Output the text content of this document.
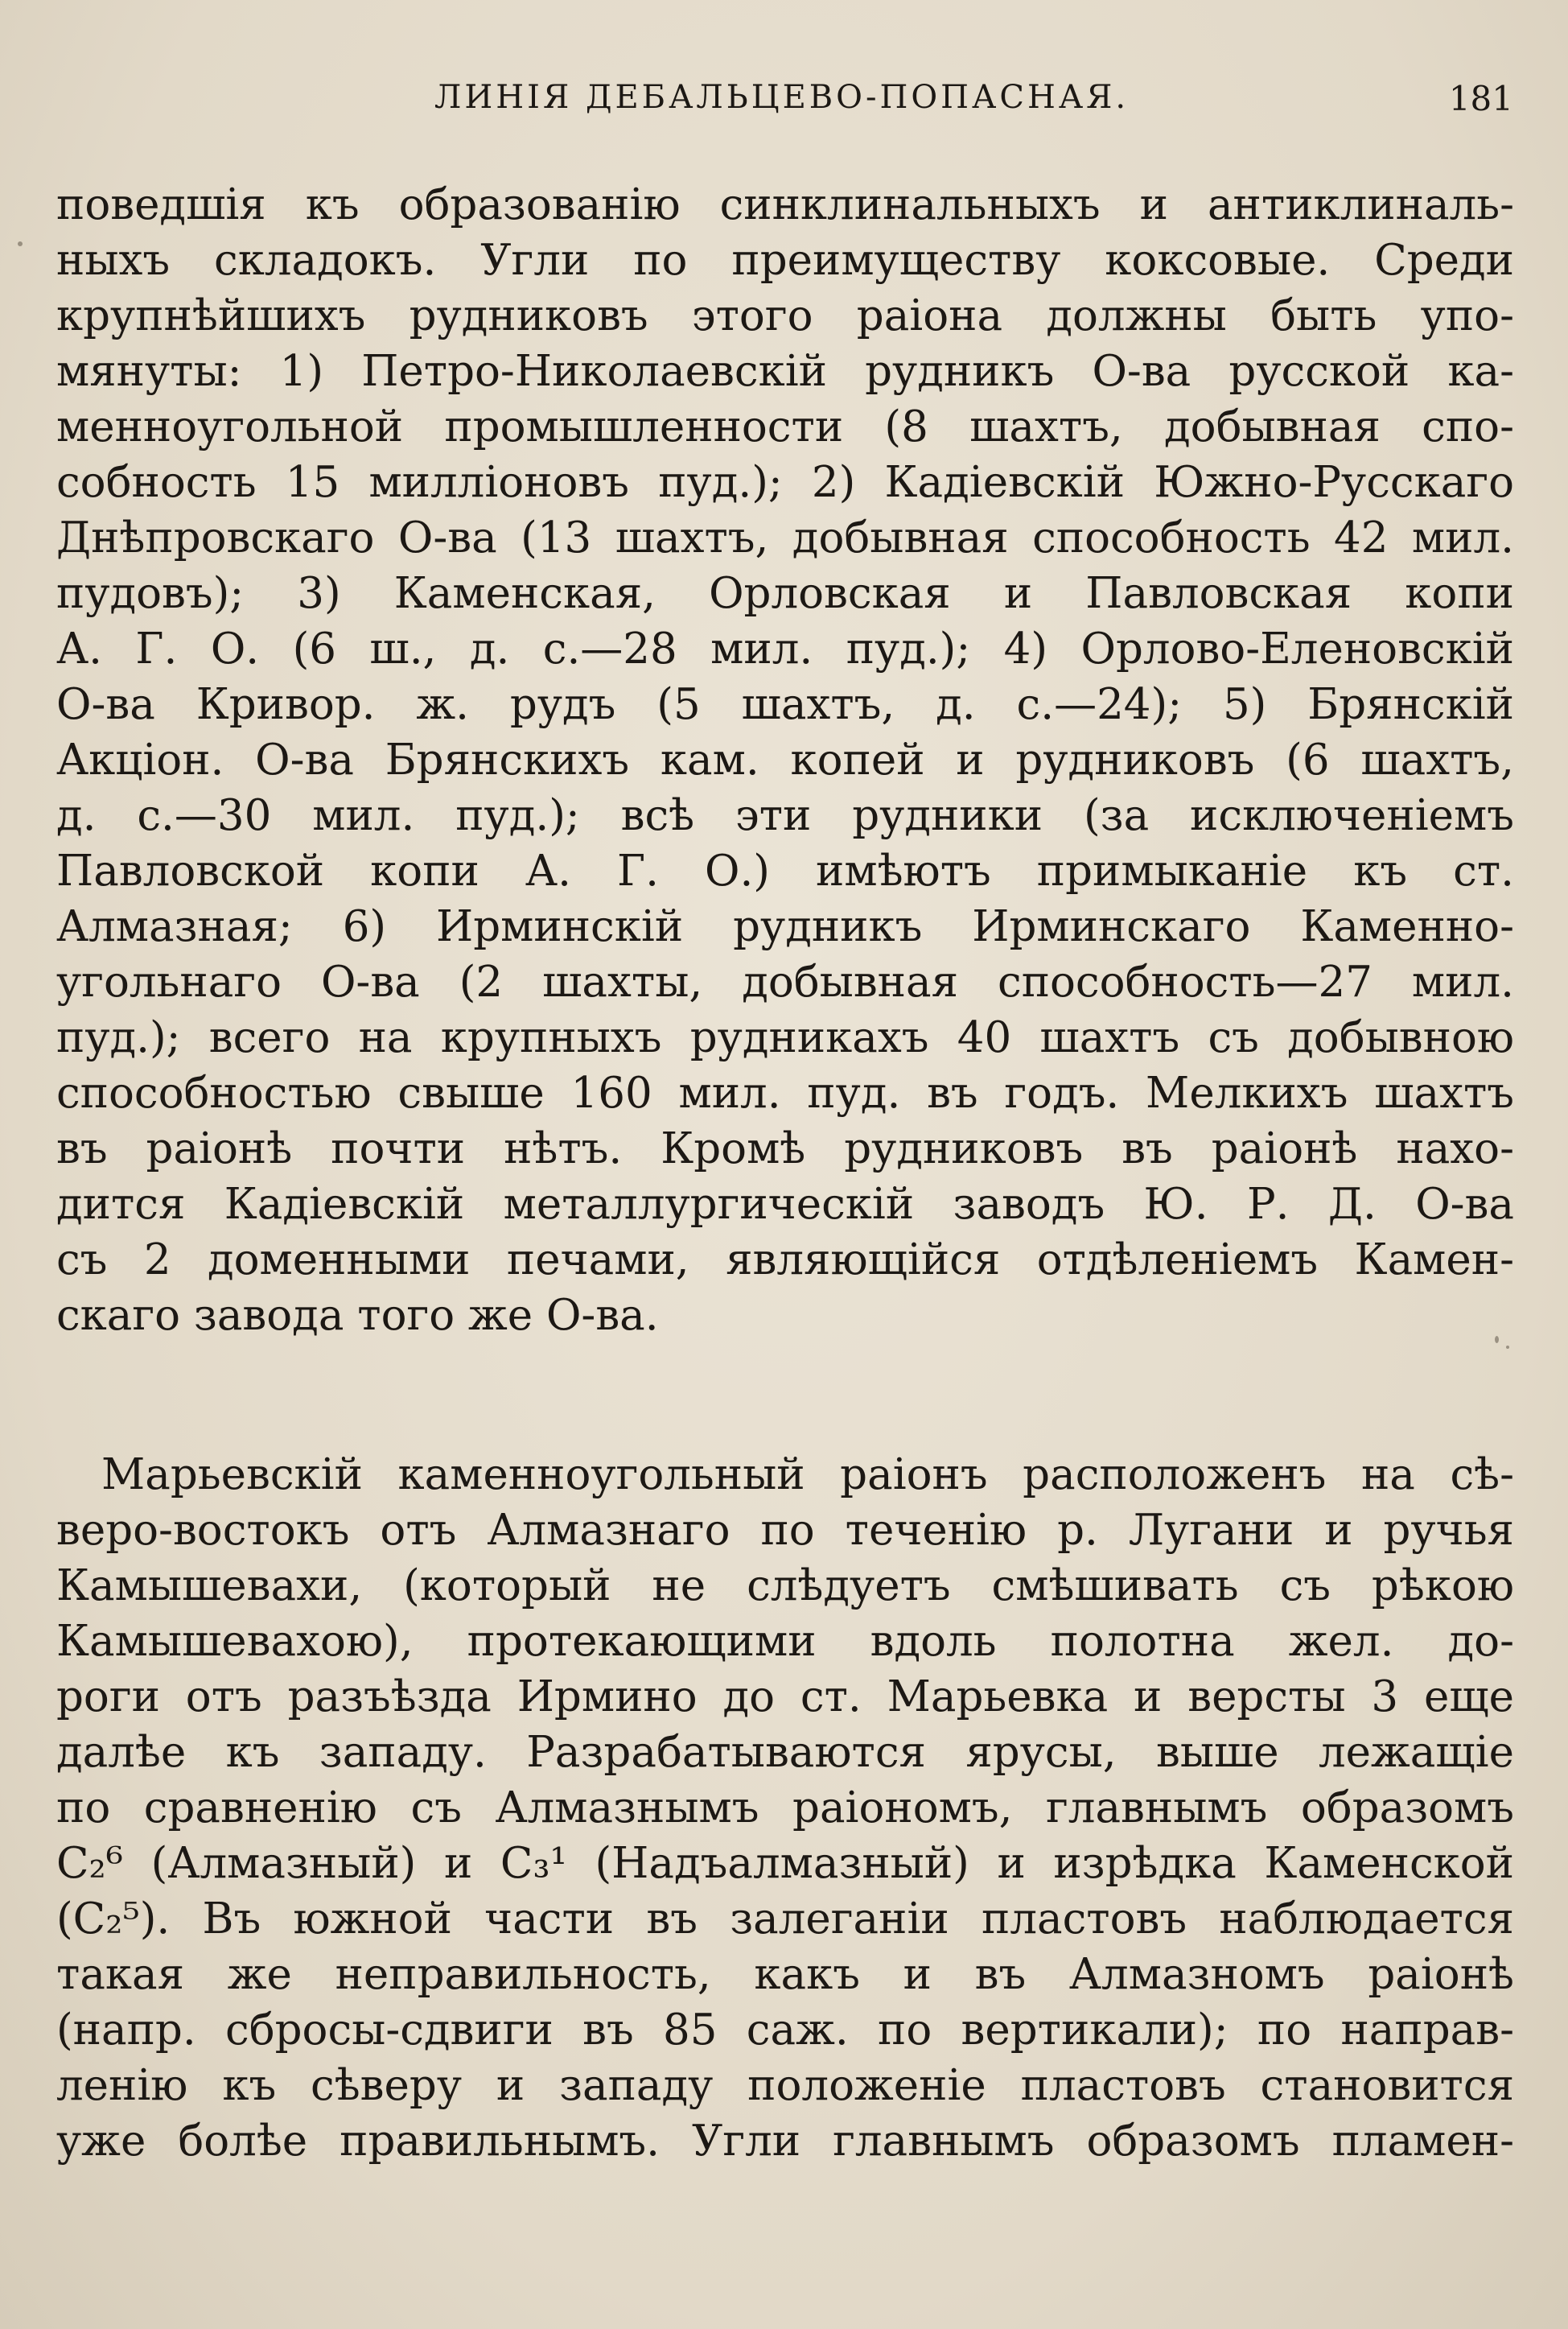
ЛИНІЯ ДЕБАЛЬЦЕВО-ПОПАСНАЯ.	181
поведшія къ образованію синклинальныхъ и антиклиналь-
ныхъ складокъ. Угли по преимуществу коксовые. Среди
крупнѣйшихъ рудниковъ этого раіона должны быть упо-
мянуты: 1) Петро-Николаевскій рудникъ О-ва русской ка-
менноугольной промышленности (8 шахтъ, добывная спо-
собность 15 милліоновъ пуд.); 2) Кадіевскій Южно-Русскаго
Днѣпровскаго О-ва (13 шахтъ, добывная способность 42 мил.
пудовъ); 3) Каменская, Орловская и Павловская копи
А. Г. О. (6 ш., д. с.—28 мил. пуд.); 4) Орлово-Еленовскій
О-ва Кривор. ж. рудъ (5 шахтъ, д. с.—24); 5) Брянскій
Акціон. О-ва Брянскихъ кам. копей и рудниковъ (6 шахтъ,
д. с.—30 мил. пуд.); всѣ эти рудники (за исключеніемъ
Павловской копи А. Г. О.) имѣютъ примыканіе къ ст.
Алмазная; 6) Ирминскій рудникъ Ирминскаго Каменно-
угольнаго О-ва (2 шахты, добывная способность—27 мил.
пуд.); всего на крупныхъ рудникахъ 40 шахтъ съ добывною
способностью свыше 160 мил. пуд. въ годъ. Мелкихъ шахтъ
въ раіонѣ почти нѣтъ. Кромѣ рудниковъ въ раіонѣ нахо-
дится Кадіевскій металлургическій заводъ Ю. Р. Д. О-ва
съ 2 доменными печами, являющійся отдѣленіемъ Камен-
скаго завода того же О-ва.
Марьевскій каменноугольный раіонъ расположенъ на сѣ-
веро-востокъ отъ Алмазнаго по теченію р. Лугани и ручья
Камышевахи, (который не слѣдуетъ смѣшивать съ рѣкою
Камышевахою), протекающими вдоль полотна жел. до-
роги отъ разъѣзда Ирмино до ст. Марьевка и версты 3 еще
далѣе къ западу. Разрабатываются ярусы, выше лежащіе
по сравненію съ Алмазнымъ раіономъ, главнымъ образомъ
C₂⁶ (Алмазный) и C₃¹ (Надъалмазный) и изрѣдка Каменской
(C₂⁵). Въ южной части въ залеганіи пластовъ наблюдается
такая же неправильность, какъ и въ Алмазномъ раіонѣ
(напр. сбросы-сдвиги въ 85 саж. по вертикали); по направ-
ленію къ сѣверу и западу положеніе пластовъ становится
уже болѣе правильнымъ. Угли главнымъ образомъ пламен-
